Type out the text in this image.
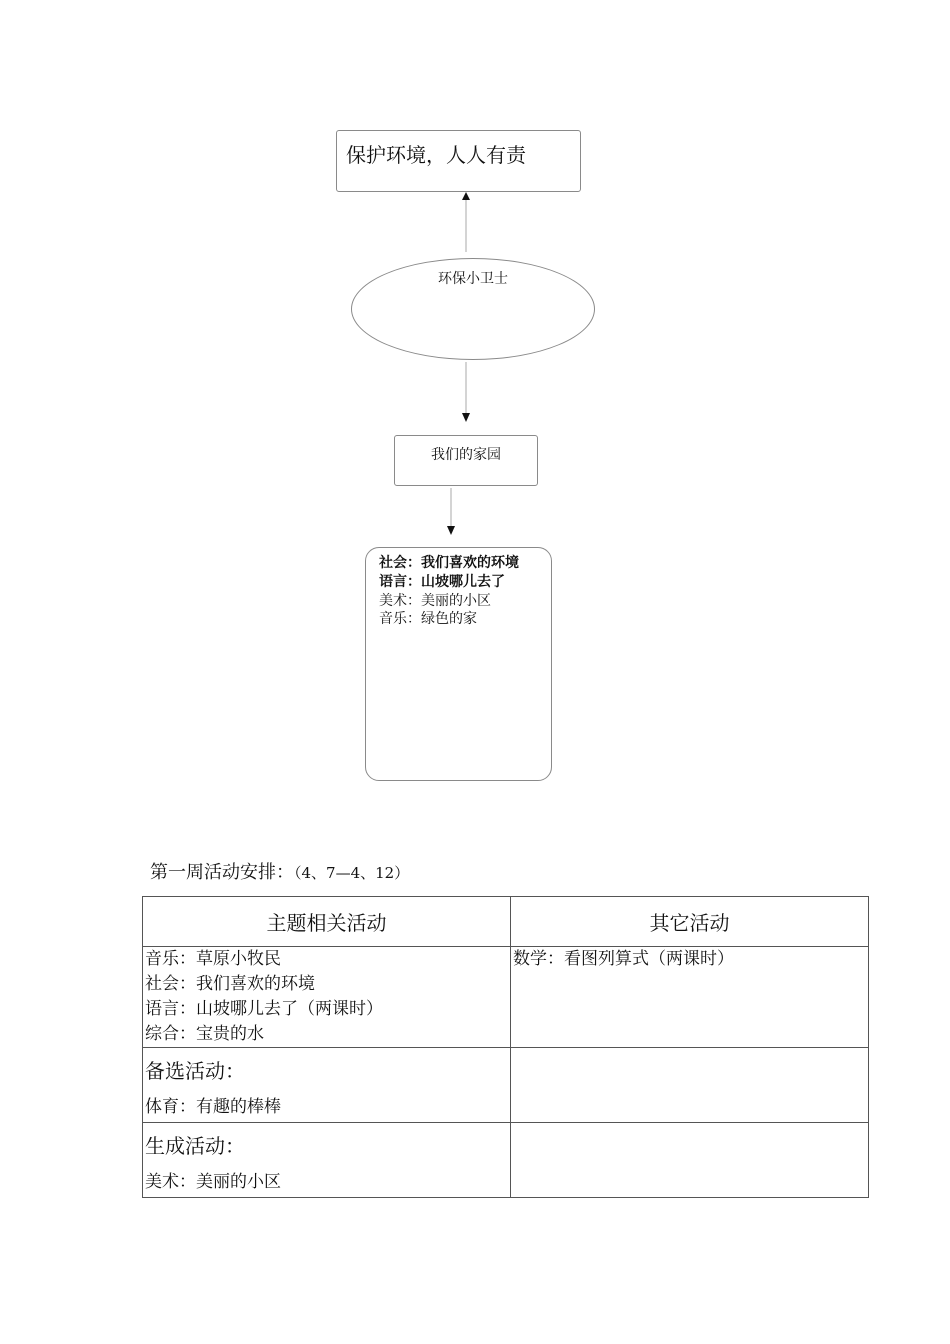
保护环境，人人有责
环保小卫士
我们的家园
社会：我们喜欢的环境
语言：山坡哪儿去了
美术：美丽的小区
音乐：绿色的家
第一周活动安排：（4、7—4、12）
主题相关活动	其它活动

音乐：草原小牧民
社会：我们喜欢的环境
语言：山坡哪儿去了（两课时）
综合：宝贵的水	数学：看图列算式（两课时）

备选活动：
体育：有趣的棒棒	

生成活动：
美术：美丽的小区	
